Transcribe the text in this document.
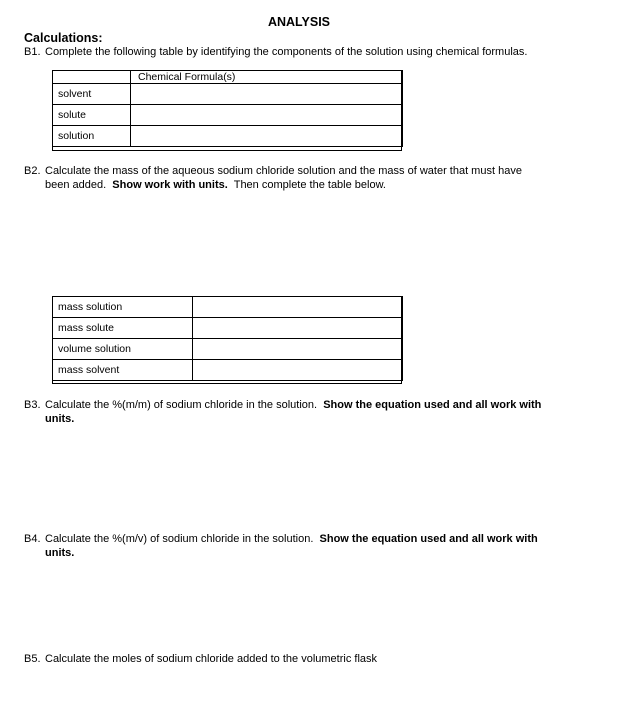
ANALYSIS
Calculations:
B1. Complete the following table by identifying the components of the solution using chemical formulas.
	Chemical Formula(s)
solvent	
solute	
solution	
B2. Calculate the mass of the aqueous sodium chloride solution and the mass of water that must have
been added. Show work with units. Then complete the table below.
mass solution	
mass solute	
volume solution	
mass solvent	
B3. Calculate the %(m/m) of sodium chloride in the solution. Show the equation used and all work with
units.
B4. Calculate the %(m/v) of sodium chloride in the solution. Show the equation used and all work with
units.
B5. Calculate the moles of sodium chloride added to the volumetric flask
